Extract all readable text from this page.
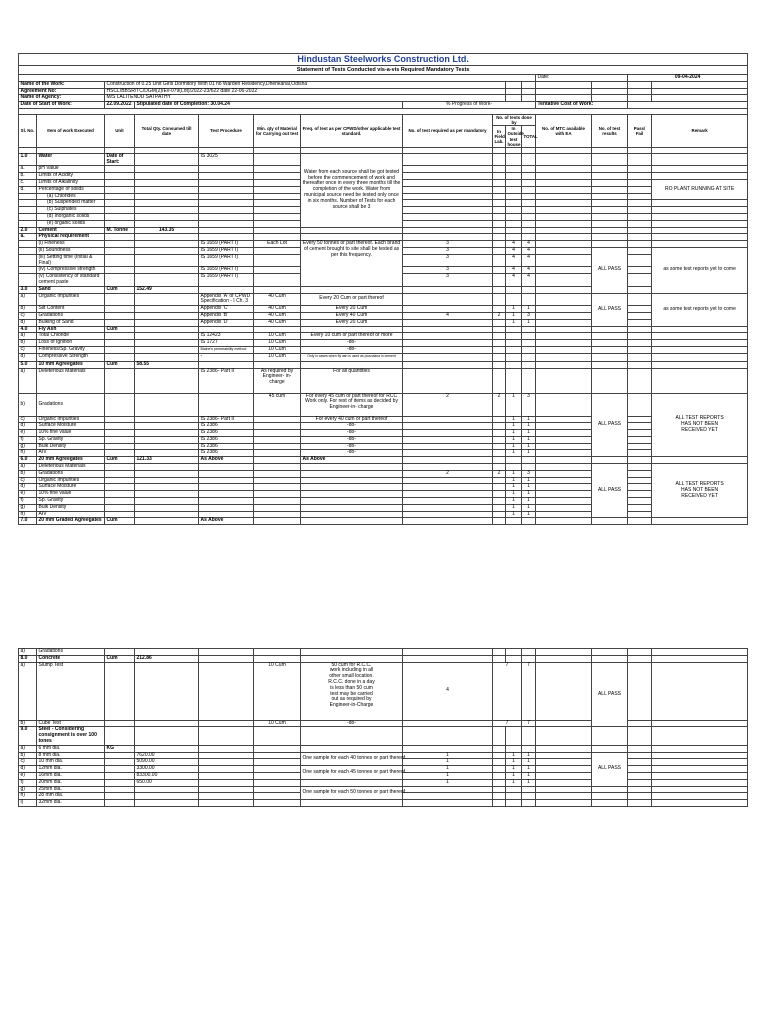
Hindustan Steelworks Construction Ltd.															
Statement of Tests Conducted vis-a-vis Required Mandatory Tests															
											Date:		09-04-2024		
Name of the Work:		Construction of 0.25 Unit Girls Dormitory With 01 no Warden Residency,Dhenkanal,Odisha													
Agreement No:		HSCL/BBSR/TC/DGM(2)/Ev-079(Lot)/2022-23/622 date 22-06-2022													
Name of Agency:		M/S LALITENDU SATPATHY													
Date of Start of Work:		22.09.2022	Stipulated date of Completion: 30.04.24				% Progress of Work-				Tentative Cost of Work:				

Sl. No.	Item of work Executed	Unit	Total Qty. Consumed till date	Test Procedure	Min. qty of Material for Carrying out test	Freq. of test as per CPWD/other applicable test standard.	No. of test required as per mandatory	No. of tests done by			No. of MTC available with EA	No. of test results	Pass/ Fail	Remark	
								In Field Lab.	In Outside test house	TOTAL					

1.0	Water	Date of Start:		IS 3025		Water from each source shall be got tested before the commencement of work and thereafter once in every three months till the completion of the work. Water from municipal source need be tested only once in six months. Number of Tests for each source shall be 3									
a.	pH Value														
b.	Limits of Acidity														
c.	Limits of Alkalinity													RO PLANT RUNNING AT SITE	
d.	Percentage of solids														
	(a) Chlorides														
	(b) Suspended matter														
	(c) Sulphates														
	(d) Inorganic solids														
	(e) organic solids														
2.0	Cement	M. Tonne	143.35												
a.	Physical requirement														
	(i) Fineness			IS 1659 (PART I)	Each Lot	Every 50 tonnes or part thereof. Each brand of cement brought to site shall be tested as per this frequency.	3		4	4					
	(ii) Soundness			IS 1659 (PART I)			3		4	4		ALL PASS		as some test reports yet to come	
	(iii) Setting time (Initial & Final)			IS 1659 (PART I)			3		4	4					
	(iv) Compressive strength			IS 1659 (PART I)			3		4	4					
	(v) Consistency of standard cement paste			IS 1659 (PART I)			3		4	4					
3.0	Sand	Cum	152.49												
a)	Organic Impurities			Appendix 'A' of CPWD Specification - I Ch. 3	40 Cum	Every 20 Cum or part thereof						ALL PASS		as some test reports yet to come	
b)	Silt Content			Appendix 'C'	40 Cum	Every 20 Cum			1	1					
c)	Gradations			Appendix 'B'	40 Cum	Every 40 Cum	4	2	1	3					
d)	Bulking of Sand			Appendix 'D'	40 Cum	Every 20 Cum			1	1					
4.0	Fly Ash	Cum													
a)	Total Chloride			IS 12423	10 Cum	Every 10 cum or part thereof or more									
b)	Loss of Ignition			IS 1727	10 Cum	-do-									
c)	Fineness/Sp. Gravity			Blaine's permeability method	10 Cum	-do-									
d)	Compressive Strength			-	10 Cum	Only in cases when fly ash is used as pozzolana in cement									
5.0	10 mm Agreegates	Cum	58.55												
a)	Deleterious Materials			IS 2386- Part II	As required by Engineer- in-charge	For all quantities									
b)	Gradations				45 cum	For every 45 cum or part thereof for RCC Work only. For rest of items as decided by Engineer-in- charge	2	2	1	3		ALL PASS		ALL TEST REPORTS HAS NOT BEEN RECEIVED YET	
c)	Organic Impurities			IS 2386- Part II		For every 40 cum or part thereof			1	1					
d)	Surface Moisture			IS 2386		-do-			1	1					
e)	10% fine value			IS 2386		-do-			1	1					
f)	Sp. Gravity			IS 2386		-do-			1	1					
g)	Bulk Density			IS 2386		-do-			1	1					
h)	AIV			IS 2386		-do-			1	1					
6.0	20 mm Agreegates	Cum	121.33	As Above		As Above									
a)	Deleterious Materials											ALL PASS		ALL TEST REPORTS HAS NOT BEEN RECEIVED YET	
b)	Gradations						2	2	1	3					
c)	Organic Impurities								1	1					
d)	Surface Moisture								1	1					
e)	10% fine value								1	1					
f)	Sp. Gravity								1	1					
g)	Bulk Density								1	1					
h)	AIV								1	1					
7.0	20 mm Graded Agreegates	Cum		As Above											
a)	Gradations													
8.0	Concrete	Cum	212.86											
a)	Slump Test				10 Cum	50 cum for R.C.C. work including in all other small location. R.C.C. done in a day is less than 50 cum test may be carried out as required by Engineer-in-Charge	4	7		7		ALL PASS		
b)	Cube Test				10 Cum	-do-		7		7				
9.0	Steel - Considering consignment is over 100 tones													
a)	6 mm dia.	KG												
b)	8 mm dia.		7620.00			One sample for each 40 tonnes or part thereof	1		1	1		ALL PASS		
c)	10 mm dia.		5090.00				1		1	1				
d)	12mm dia.		3300.00			One sample for each 45 tonnes or part thereof	1		1	1				
e)	16mm dia.		83300.00				1		1	1				
f)	20mm dia.		650.00				1		1	1				
g)	25mm dia.					One sample for each 50 tonnes or part thereof								
h)	28 mm dia.													
i)	32mm dia.													
